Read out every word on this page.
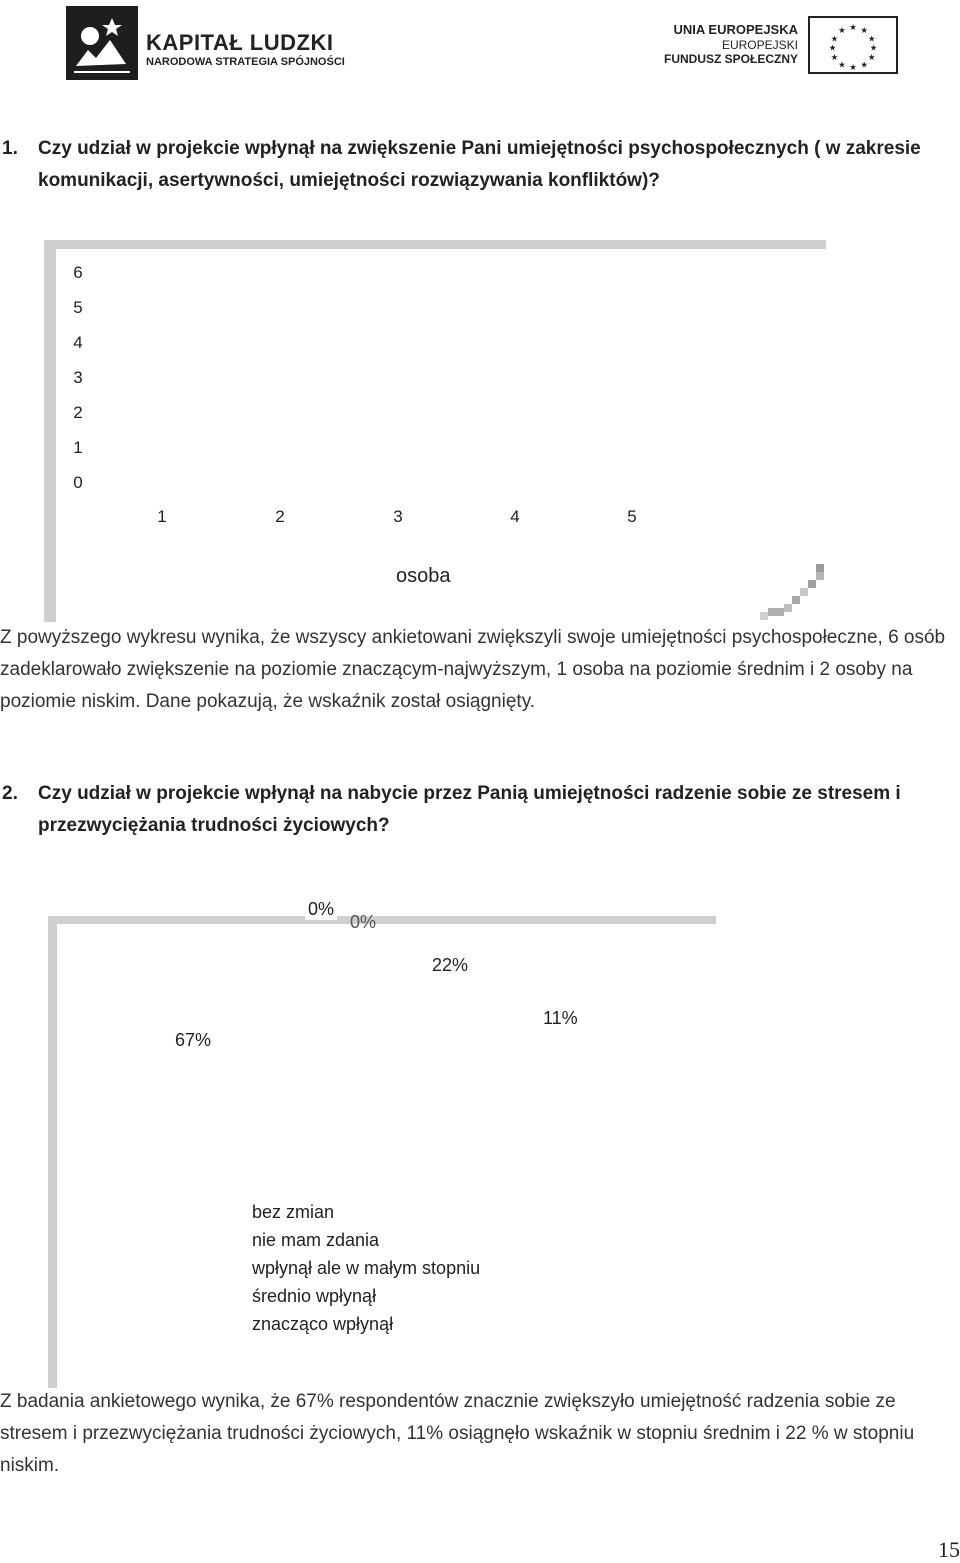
KAPITAŁ LUDZKI
NARODOWA STRATEGIA SPÓJNOŚCI
UNIA EUROPEJSKA
EUROPEJSKI
FUNDUSZ SPOŁECZNY
★ ★
★
★
★
★
★
★
★
★
★
★
1. Czy udział w projekcie wpłynął na zwiększenie Pani umiejętności psychospołecznych ( w zakresie komunikacji, asertywności, umiejętności rozwiązywania konfliktów)?
6
5
4
3
2
1
0
1	2	3	4	5
osoba
Z powyższego wykresu wynika, że wszyscy ankietowani zwiększyli swoje umiejętności psychospołeczne, 6 osób zadeklarowało zwiększenie na poziomie znaczącym-najwyższym, 1 osoba na poziomie średnim i 2 osoby na poziomie niskim. Dane pokazują, że wskaźnik został osiągnięty.
2. Czy udział w projekcie wpłynął na nabycie przez Panią umiejętności radzenie sobie ze stresem i przezwyciężania trudności życiowych?
0%
0%
22%
11%
67%
bez zmian
nie mam zdania
wpłynął ale w małym stopniu
średnio wpłynął
znacząco wpłynął
Z badania ankietowego wynika, że 67% respondentów znacznie zwiększyło umiejętność radzenia sobie ze stresem i przezwyciężania trudności życiowych, 11% osiągnęło wskaźnik w stopniu średnim i 22 % w stopniu niskim.
15
